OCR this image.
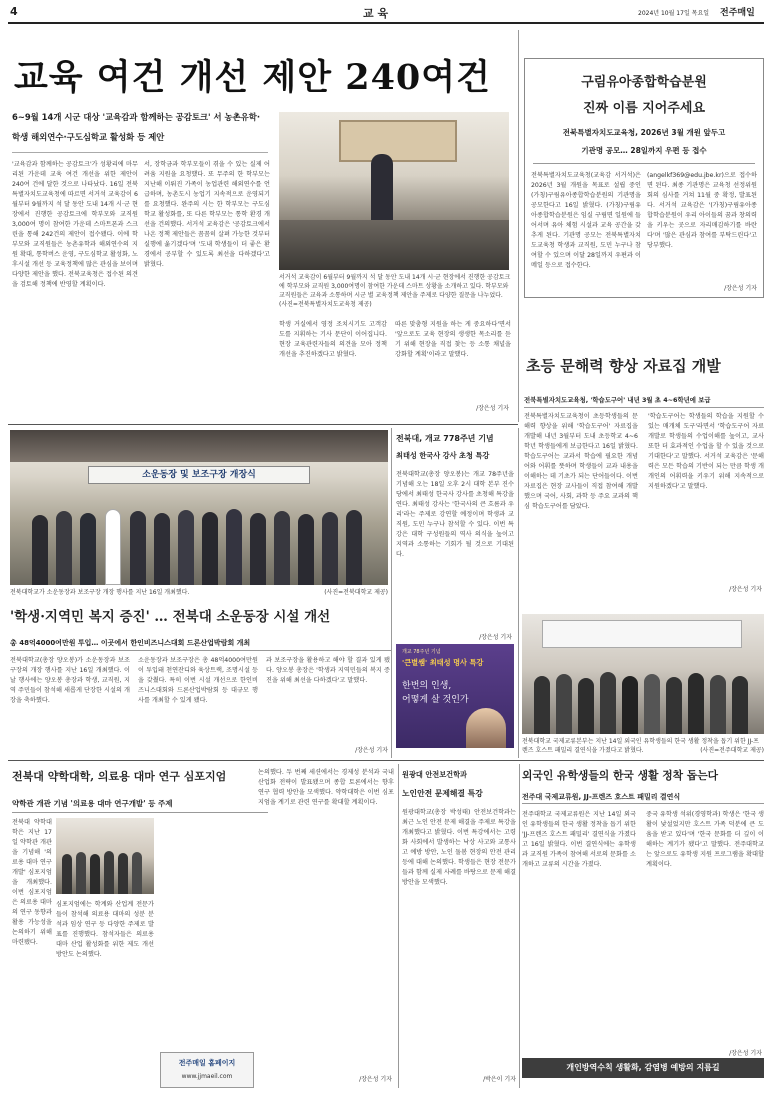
4	교 육	2024년 10월 17일 목요일 전주매일
교육 여건 개선 제안 240여건
6~9월 14개 시군 대상 '교육감과 함께하는 공감토크' 서 농촌유학·학생 해외연수·구도심학교 활성화 등 제안
'교육감과 함께하는 공감토크'가 성황리에 마무리된 가운데 교육 여건 개선을 위한 제안이 240여 건에 달한 것으로 나타났다. 16일 전북특별자치도교육청에 따르면 서거석 교육감이 6월부터 9월까지 석 달 동안 도내 14개 시·군 현장에서 진행한 공감토크에 학부모와 교직원 3,000여 명이 참여한 가운데 스마트폰과 스크린을 통해 242건의 제안이 접수됐다. 이에 학부모와 교직원들은 농촌유학과 해외연수의 지원 확대, 통학버스 운영, 구도심학교 활성화, 노후시설 개선 등 교육정책에 많은 관심을 보이며 다양한 제안을 했다. 전북교육청은 접수된 의견을 검토해 정책에 반영할 계획이다.
서, 장학금과 학부모들이 겪을 수 있는 실제 어려움 지원을 요청했다. 또 무주의 한 학부모는 지난해 이뤄진 가족이 농업관련 해외연수를 언급하며, 농촌도시 농업기 지속적으로 운영되기를 요청했다. 완주의 시는 한 학부모는 구도심 학교 활성화를, 또 다른 학부모는 통학 환경 개선을 건의했다. 서거석 교육감은 '공감토크에서 나온 정책 제안들은 꼼꼼히 살펴 가능한 것부터 실행에 옮기겠다'며 '도내 학생들이 더 좋은 환경에서 공부할 수 있도록 최선을 다하겠다'고 밝혔다.
서거석 교육감이 6월부터 9월까지 석 달 동안 도내 14개 시·군 현장에서 진행한 공감토크에 학부모와 교직원 3,000여명이 참여한 가운데 스마트 상황을 소개하고 있다. 학부모와 교직원들은 교육과 소통하며 시군 별 교육정책 제안을 주제로 다양한 질문을 나누었다. (사진=전북특별자치도교육청 제공)
학생 거실에서 영정 조치시기도 고객감도를 지휘하는 기사 문단이 이어집니다. 현장 교육관련자들의 의견을 모아 정책 개선을 추진하겠다고 밝혔다.
따른 맞춤형 지원을 하는 게 중요하다'면서 '앞으로도 교육 현장의 생생한 목소리를 듣기 위해 현장을 직접 찾는 등 소통 채널을 강화할 계획'이라고 말했다.
/장은성 기자
구림유아종합학습분원
진짜 이름 지어주세요
전북특별자치도교육청, 2026년 3월 개원 앞두고
기관명 공모… 28일까지 우편 등 접수
전북특별자치도교육청(교육감 서거석)은 2026년 3월 개원을 목표로 설립 중인 (가칭)구림유아종합학습분원의 기관명을 공모한다고 16일 밝혔다. (가칭)구림유아종합학습분원은 임실 구림면 일원에 들어서며 유아 체험 시설과 교육 공간을 갖추게 된다. 기관명 공모는 전북특별자치도교육청 학생과 교직원, 도민 누구나 참여할 수 있으며 이달 28일까지 우편과 이메일 등으로 접수한다.
(angelkf369@edu.jbe.kr)으로 접수하면 된다. 최종 기관명은 교육청 선정위원회의 심사를 거쳐 11월 중 확정, 발표된다. 서거석 교육감은 '(가칭)구림유아종합학습분원이 우리 아이들의 꿈과 창의력을 키우는 곳으로 자리매김하기를 바란다'며 '많은 관심과 참여를 부탁드린다'고 당부했다.
/장은성 기자
초등 문해력 향상 자료집 개발
전북특별자치도교육청, '학습도구어' 내년 3월 초 4~6학년에 보급
전북특별자치도교육청이 초등학생들의 문해력 향상을 위해 '학습도구어' 자료집을 개발해 내년 3월부터 도내 초등학교 4~6학년 학생들에게 보급한다고 16일 밝혔다. 학습도구어는 교과서 학습에 필요한 개념어와 어휘를 뜻하며 학생들이 교과 내용을 이해하는 데 기초가 되는 단어들이다. 이번 자료집은 현장 교사들이 직접 참여해 개발했으며 국어, 사회, 과학 등 주요 교과의 핵심 학습도구어를 담았다.
'학습도구어는 학생들의 학습을 지원할 수 있는 매개체 도구'라면서 '학습도구어 자료 개발로 학생들의 수업이해를 높이고, 교사 또한 더 효과적인 수업을 할 수 있을 것으로 기대한다'고 말했다. 서거석 교육감은 '문해력은 모든 학습의 기반이 되는 만큼 학생 개개인의 어휘력을 키우기 위해 지속적으로 지원하겠다'고 말했다.
/장은성 기자
소운동장 및 보조구장 개장식
전북대학교가 소운동장과 보조구장 개장 행사를 지난 16일 개최했다.	(사진=전북대학교 제공)
'학생·지역민 복지 증진' … 전북대 소운동장 시설 개선
총 48억4000여만원 투입… 이곳에서 한인비즈니스대회 드론산업박람회 개최
전북대학교(총장 양오봉)가 소운동장과 보조구장의 개장 행사를 지난 16일 개최했다. 이날 행사에는 양오봉 총장과 학생, 교직원, 지역 주민들이 참석해 새롭게 단장한 시설의 개장을 축하했다.
소운동장과 보조구장은 총 48억4000여만원이 투입돼 천연잔디와 육상트랙, 조명시설 등을 갖췄다. 특히 이번 시설 개선으로 한인비즈니스대회와 드론산업박람회 등 대규모 행사를 개최할 수 있게 됐다.
과 보조구장을 활용하고 해야 할 결과 있게 됐다. 양오봉 총장은 '학생과 지역민들의 복지 증진을 위해 최선을 다하겠다'고 말했다.
/장은성 기자
전북대, 개교 778주년 기념
최태성 한국사 강사 초청 특강
전북대학교(총장 양오봉)는 개교 78주년을 기념해 오는 18일 오후 2시 대학 본부 진수당에서 최태성 한국사 강사를 초청해 특강을 연다. 최태성 강사는 '한국사의 큰 흐름과 우리'라는 주제로 강연할 예정이며 학생과 교직원, 도민 누구나 참석할 수 있다. 이번 특강은 대학 구성원들의 역사 의식을 높이고 지역과 소통하는 기회가 될 것으로 기대된다.
/장은성 기자
개교 78주년 기념
'큰별쌤' 최태성 명사 특강
한번의 인생,
어떻게 살 것인가
전북대학교 국제교류본부는 지난 14일 외국인 유학생들의 한국 생활 정착을 돕기 위한 JJ-프렌즈 호스트 패밀리 결연식을 가졌다고 밝혔다.	(사진=전주대학교 제공)
전북대 약학대학, 의료용 대마 연구 심포지엄
약학관 개관 기념 '의료용 대마 연구개발' 등 주제
전북대 약학대학은 지난 17일 약학관 개관을 기념해 '의료용 대마 연구개발' 심포지엄을 개최했다. 이번 심포지엄은 의료용 대마의 연구 동향과 활용 가능성을 논의하기 위해 마련됐다.
심포지엄에는 학계와 산업계 전문가들이 참석해 의료용 대마의 성분 분석과 임상 연구 등 다양한 주제로 발표를 진행했다. 참석자들은 의료용 대마 산업 활성화를 위한 제도 개선 방안도 논의했다.
논의했다. 두 번째 세션에서는 경제성 분석과 국내 산업화 전략이 발표됐으며 종합 토론에서는 향후 연구 협력 방안을 모색했다. 약학대학은 이번 심포지엄을 계기로 관련 연구를 확대할 계획이다.
전주매일 홈페이지
www.jjmaeil.com	/장은성 기자
원광대 안전보건학과
노인안전 문제해결 특강
원광대학교(총장 박성태) 안전보건학과는 최근 노인 안전 문제 해결을 주제로 특강을 개최했다고 밝혔다. 이번 특강에서는 고령화 사회에서 발생하는 낙상 사고와 교통사고 예방 방안, 노인 돌봄 현장의 안전 관리 등에 대해 논의했다. 학생들은 현장 전문가들과 함께 실제 사례를 바탕으로 문제 해결 방안을 모색했다.
/박은이 기자
외국인 유학생들의 한국 생활 정착 돕는다
전주대 국제교류원, JJ-프렌즈 호스트 패밀리 결연식
전주대학교 국제교류원은 지난 14일 외국인 유학생들의 한국 생활 정착을 돕기 위한 'JJ-프렌즈 호스트 패밀리' 결연식을 가졌다고 16일 밝혔다. 이번 결연식에는 유학생과 교직원 가족이 참여해 서로의 문화를 소개하고 교류의 시간을 가졌다.
중국 유학생 석위(경영학과) 학생은 '한국 생활이 낯설었지만 호스트 가족 덕분에 큰 도움을 받고 있다'며 '한국 문화를 더 깊이 이해하는 계기가 됐다'고 말했다. 전주대학교는 앞으로도 유학생 지원 프로그램을 확대할 계획이다.
/장은성 기자
개인방역수칙 생활화, 감염병 예방의 지름길
